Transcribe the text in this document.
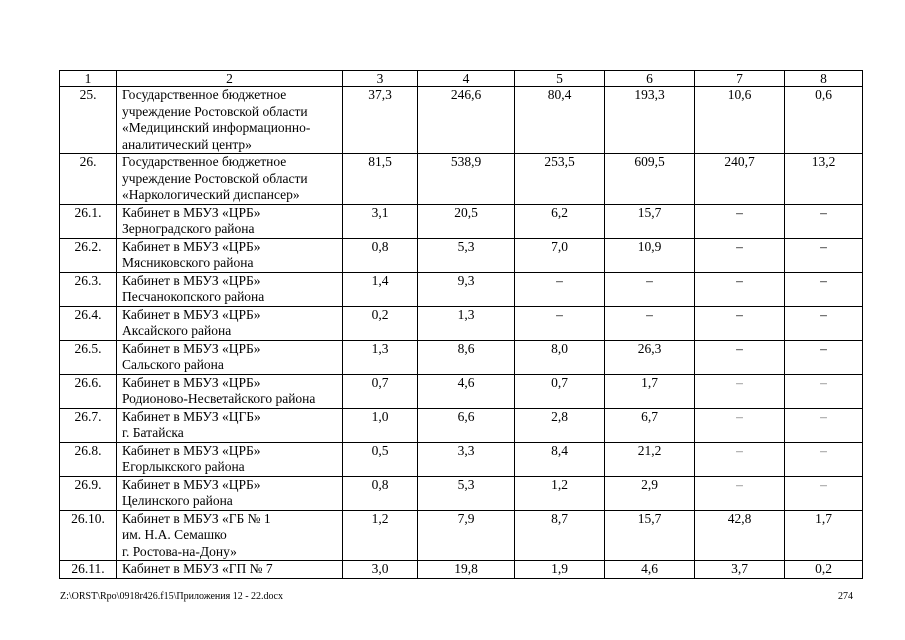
1	2	3	4	5	6	7	8
25.	Государственное бюджетное
учреждение Ростовской области
«Медицинский информационно-
аналитический центр»	37,3	246,6	80,4	193,3	10,6	0,6
26.	Государственное бюджетное
учреждение Ростовской области
«Наркологический диспансер»	81,5	538,9	253,5	609,5	240,7	13,2
26.1.	Кабинет в МБУЗ «ЦРБ»
Зерноградского района	3,1	20,5	6,2	15,7	–	–
26.2.	Кабинет в МБУЗ «ЦРБ»
Мясниковского района	0,8	5,3	7,0	10,9	–	–
26.3.	Кабинет в МБУЗ «ЦРБ»
Песчанокопского района	1,4	9,3	–	–	–	–
26.4.	Кабинет в МБУЗ «ЦРБ»
Аксайского района	0,2	1,3	–	–	–	–
26.5.	Кабинет в МБУЗ «ЦРБ»
Сальского района	1,3	8,6	8,0	26,3	–	–
26.6.	Кабинет в МБУЗ «ЦРБ»
Родионово-Несветайского района	0,7	4,6	0,7	1,7	–	–
26.7.	Кабинет в МБУЗ «ЦГБ»
г. Батайска	1,0	6,6	2,8	6,7	–	–
26.8.	Кабинет в МБУЗ «ЦРБ»
Егорлыкского района	0,5	3,3	8,4	21,2	–	–
26.9.	Кабинет в МБУЗ «ЦРБ»
Целинского района	0,8	5,3	1,2	2,9	–	–
26.10.	Кабинет в МБУЗ «ГБ № 1
им. Н.А. Семашко
г. Ростова-на-Дону»	1,2	7,9	8,7	15,7	42,8	1,7
26.11.	Кабинет в МБУЗ «ГП № 7	3,0	19,8	1,9	4,6	3,7	0,2
Z:\ORST\Rpo\0918r426.f15\Приложения 12 - 22.docx	274
